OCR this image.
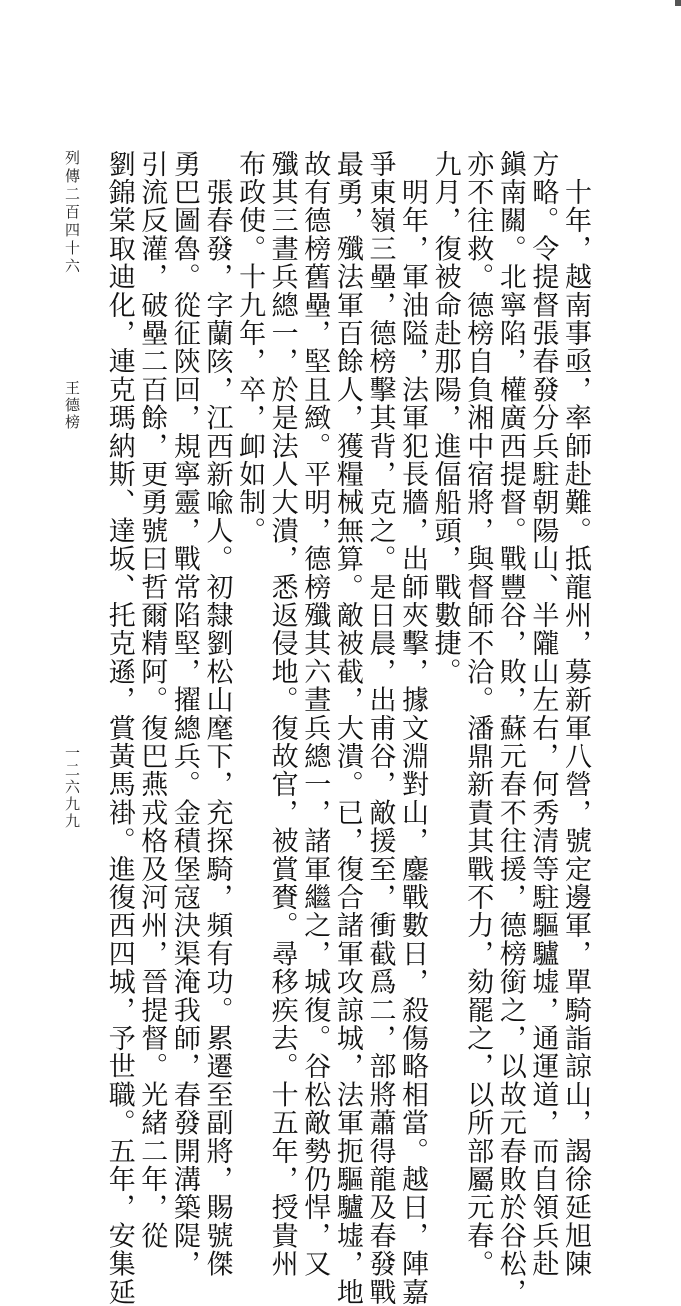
　十年，越南事亟，率師赴難。抵龍州，募新軍八營，號定邊軍，單騎詣諒山，謁徐延旭陳
方略。令提督張春發分兵駐朝陽山、半隴山左右，何秀清等駐驅驢墟，通運道，而自領兵赴
鎭南關。北寧陷，權廣西提督。戰豐谷，敗，蘇元春不往援，德榜銜之，以故元春敗於谷松，
亦不往救。德榜自負湘中宿將，與督師不洽。潘鼎新責其戰不力，劾罷之，以所部屬元春。
九月，復被命赴那陽，進偪船頭，戰數捷。
　明年，軍油隘，法軍犯長牆，出師夾擊，據文淵對山，鏖戰數日，殺傷略相當。越日，陣嘉
爭東嶺三壘，德榜擊其背，克之。是日晨，出甫谷，敵援至，衝截爲二，部將蕭得龍及春發戰
最勇，殲法軍百餘人，獲糧械無算。敵被截，大潰。已，復合諸軍攻諒城，法軍扼驅驢墟，地
故有德榜舊壘，堅且緻。平明，德榜殲其六晝兵總一，諸軍繼之，城復。谷松敵勢仍悍，又
殲其三晝兵總一，於是法人大潰，悉返侵地。復故官，被賞賚。尋移疾去。十五年，授貴州
布政使。十九年，卒，卹如制。
　張春發，字蘭陔，江西新喩人。初隸劉松山麾下，充探騎，頻有功。累遷至副將，賜號傑
勇巴圖魯。從征陝回，規寧靈，戰常陷堅，擢總兵。金積堡寇決渠淹我師，春發開溝築隄，
引流反灌，破壘二百餘，更勇號曰哲爾精阿。復巴燕戎格及河州，晉提督。光緒二年，從
劉錦棠取迪化，連克瑪納斯、達坂、托克遜，賞黃馬褂。進復西四城，予世職。五年，安集延
列傳二百四十六
王德榜
一二六九九
